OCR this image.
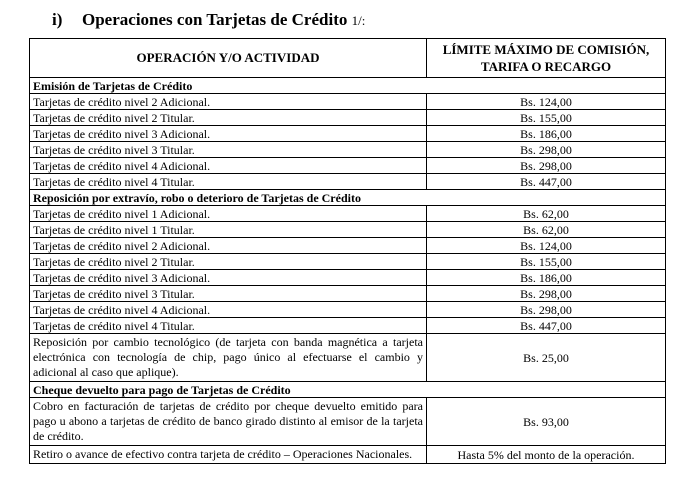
i) Operaciones con Tarjetas de Crédito 1/:
OPERACIÓN Y/O ACTIVIDAD	LÍMITE MÁXIMO DE COMISIÓN, TARIFA O RECARGO
Emisión de Tarjetas de Crédito	
Tarjetas de crédito nivel 2 Adicional.	Bs. 124,00
Tarjetas de crédito nivel 2 Titular.	Bs. 155,00
Tarjetas de crédito nivel 3 Adicional.	Bs. 186,00
Tarjetas de crédito nivel 3 Titular.	Bs. 298,00
Tarjetas de crédito nivel 4 Adicional.	Bs. 298,00
Tarjetas de crédito nivel 4 Titular.	Bs. 447,00
Reposición por extravío, robo o deterioro de Tarjetas de Crédito	
Tarjetas de crédito nivel 1 Adicional.	Bs. 62,00
Tarjetas de crédito nivel 1 Titular.	Bs. 62,00
Tarjetas de crédito nivel 2 Adicional.	Bs. 124,00
Tarjetas de crédito nivel 2 Titular.	Bs. 155,00
Tarjetas de crédito nivel 3 Adicional.	Bs. 186,00
Tarjetas de crédito nivel 3 Titular.	Bs. 298,00
Tarjetas de crédito nivel 4 Adicional.	Bs. 298,00
Tarjetas de crédito nivel 4 Titular.	Bs. 447,00
Reposición por cambio tecnológico (de tarjeta con banda magnética a tarjeta electrónica con tecnología de chip, pago único al efectuarse el cambio y adicional al caso que aplique).	Bs. 25,00
Cheque devuelto para pago de Tarjetas de Crédito	
Cobro en facturación de tarjetas de crédito por cheque devuelto emitido para pago u abono a tarjetas de crédito de banco girado distinto al emisor de la tarjeta de crédito.	Bs. 93,00
Retiro o avance de efectivo contra tarjeta de crédito – Operaciones Nacionales.	Hasta 5% del monto de la operación.
